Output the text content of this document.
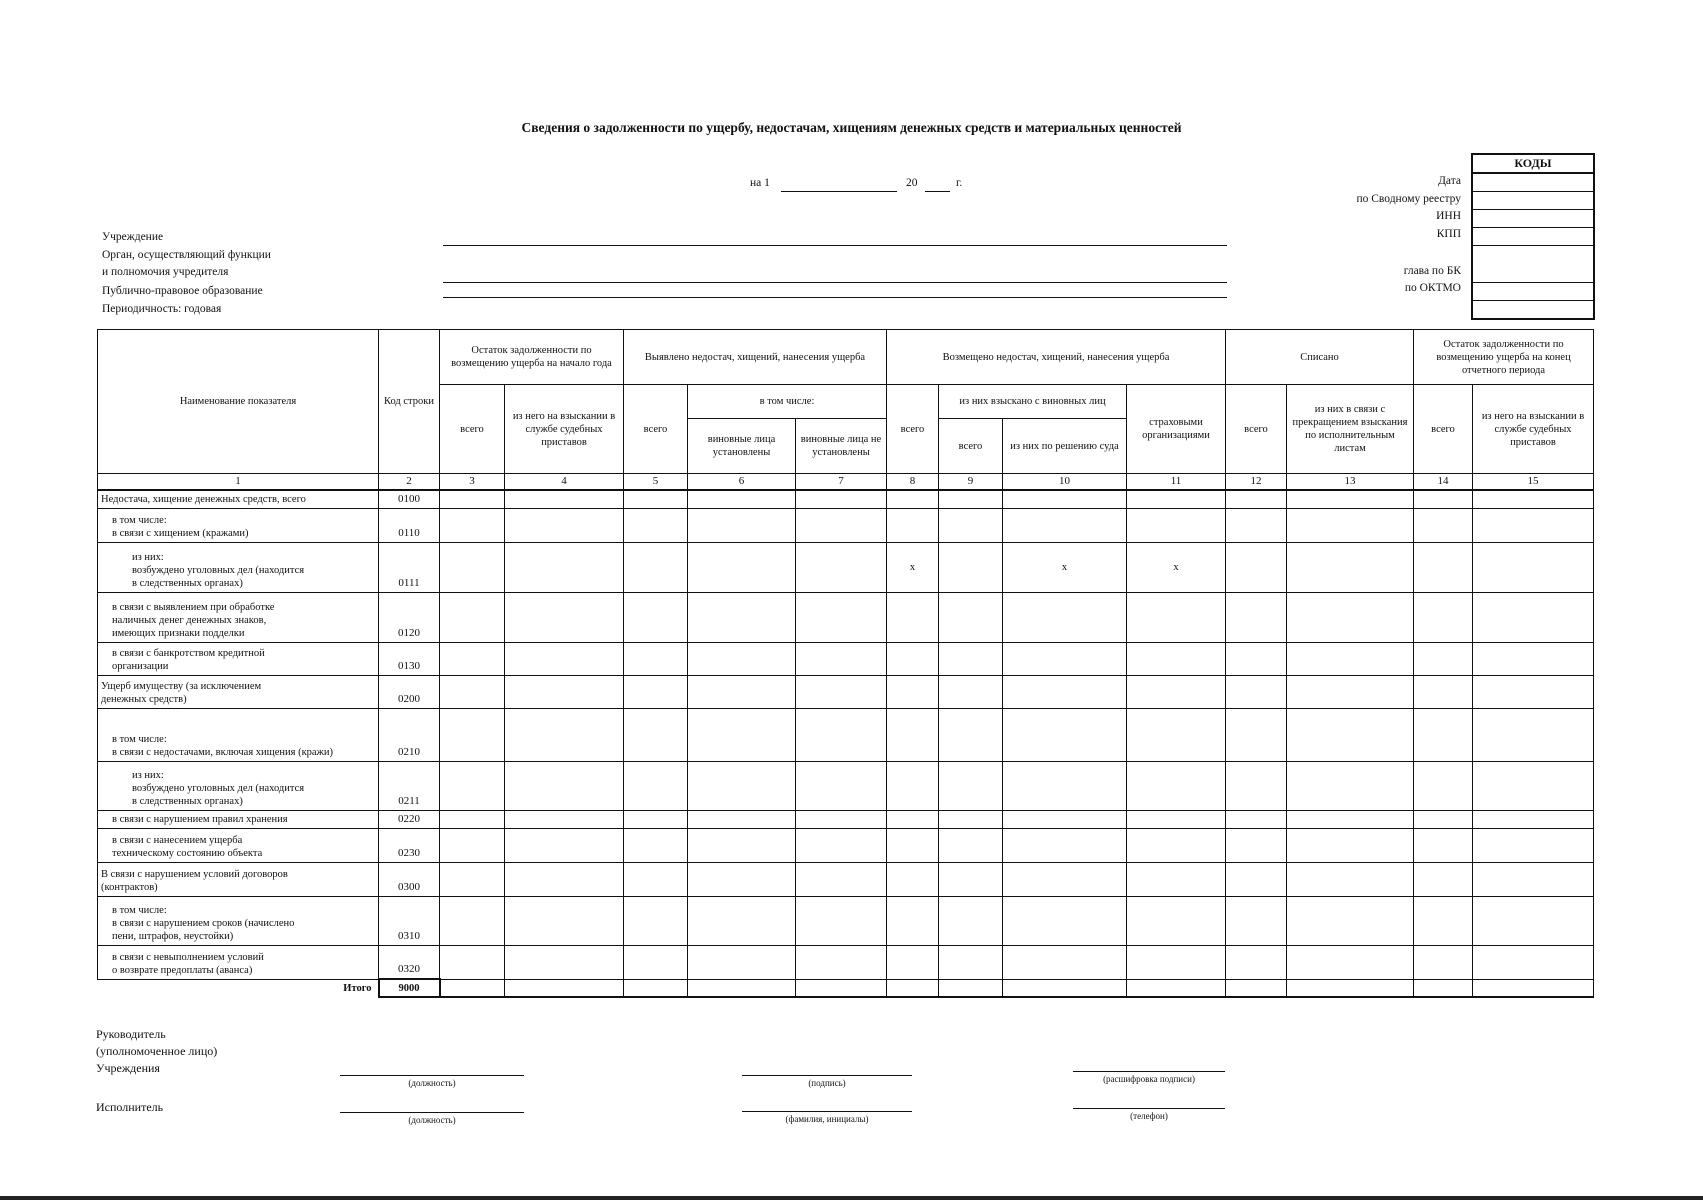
Сведения о задолженности по ущербу, недостачам, хищениям денежных средств и материальных ценностей
на 1	20	г.
Учреждение
Орган, осуществляющий функции
и полномочия учредителя
Публично-правовое образование
Периодичность: годовая
Дата
по Сводному реестру
ИНН
КПП
глава по БК
по ОКТМО
КОДЫ
Наименование показателя	Код строки	Остаток задолженности по возмещению ущерба на начало года		Выявлено недостач, хищений, нанесения ущерба			Возмещено недостач, хищений, нанесения ущерба				Списано		Остаток задолженности по возмещению ущерба на конец отчетного периода	
		всего	из него на взыскании в службе судебных приставов	всего	в том числе:		всего	из них взыскано с виновных лиц		страховыми организациями	всего	из них в связи с прекращением взыскания по исполнительным листам	всего	из него на взыскании в службе судебных приставов
					виновные лица установлены	виновные лица не установлены		всего	из них по решению суда					
1	2	3	4	5	6	7	8	9	10	11	12	13	14	15
Недостача, хищение денежных средств, всего	0100													
в том числе:
в связи с хищением (кражами)	0110													
из них:
возбуждено уголовных дел (находится
в следственных органах)	0111						x		x	x				
в связи с выявлением при обработке
наличных денег денежных знаков,
имеющих признаки подделки	0120													
в связи с банкротством кредитной
организации	0130													
Ущерб имуществу (за исключением
денежных средств)	0200													
в том числе:
в связи с недостачами, включая хищения (кражи)	0210													
из них:
возбуждено уголовных дел (находится
в следственных органах)	0211													
в связи с нарушением правил хранения	0220													
в связи с нанесением ущерба
техническому состоянию объекта	0230													
В связи с нарушением условий договоров
(контрактов)	0300													
в том числе:
в связи с нарушением сроков (начислено
пени, штрафов, неустойки)	0310													
в связи с невыполнением условий
о возврате предоплаты (аванса)	0320													
Итого	9000													
Руководитель
(уполномоченное лицо)
Учреждения
Исполнитель
(должность)	(подпись)	(расшифровка подписи)
(должность)	(фамилия, инициалы)	(телефон)
